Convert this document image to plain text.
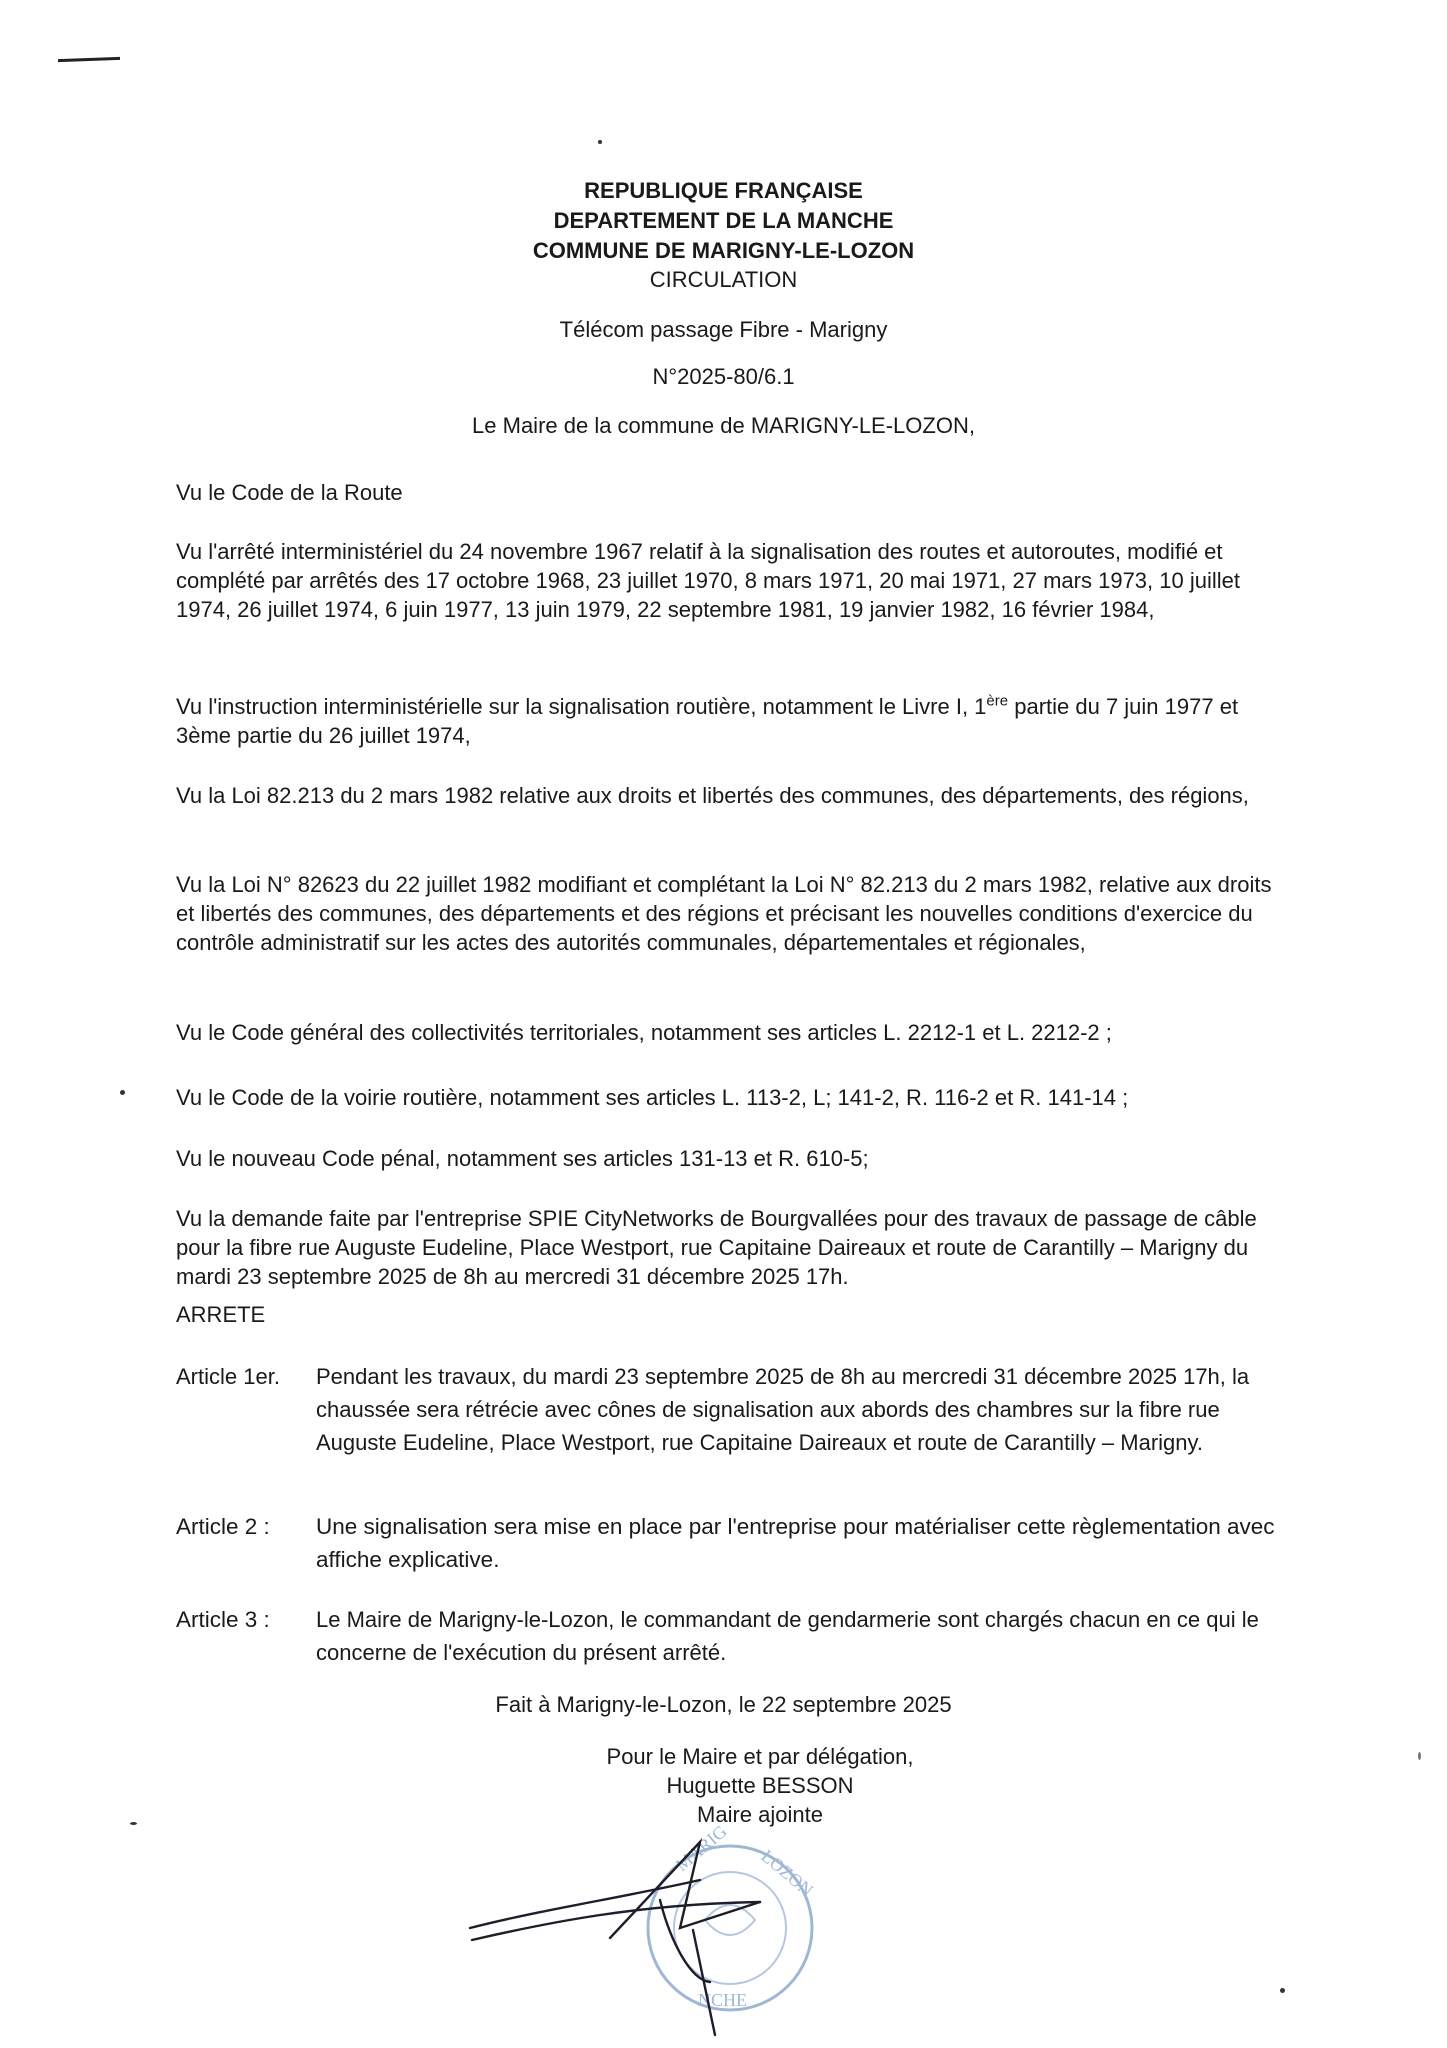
REPUBLIQUE FRANÇAISE
DEPARTEMENT DE LA MANCHE
COMMUNE DE MARIGNY-LE-LOZON
CIRCULATION
Télécom passage Fibre - Marigny
N°2025-80/6.1
Le Maire de la commune de MARIGNY-LE-LOZON,
Vu le Code de la Route
Vu l'arrêté interministériel du 24 novembre 1967 relatif à la signalisation des routes et autoroutes, modifié et complété par arrêtés des 17 octobre 1968, 23 juillet 1970, 8 mars 1971, 20 mai 1971, 27 mars 1973, 10 juillet 1974, 26 juillet 1974, 6 juin 1977, 13 juin 1979, 22 septembre 1981, 19 janvier 1982, 16 février 1984,
Vu l'instruction interministérielle sur la signalisation routière, notamment le Livre I, 1ère partie du 7 juin 1977 et 3ème partie du 26 juillet 1974,
Vu la Loi 82.213 du 2 mars 1982 relative aux droits et libertés des communes, des départements, des régions,
Vu la Loi N° 82623 du 22 juillet 1982 modifiant et complétant la Loi N° 82.213 du 2 mars 1982, relative aux droits et libertés des communes, des départements et des régions et précisant les nouvelles conditions d'exercice du contrôle administratif sur les actes des autorités communales, départementales et régionales,
Vu le Code général des collectivités territoriales, notamment ses articles L. 2212-1 et L. 2212-2 ;
Vu le Code de la voirie routière, notamment ses articles L. 113-2, L; 141-2, R. 116-2 et R. 141-14 ;
Vu le nouveau Code pénal, notamment ses articles 131-13 et R. 610-5;
Vu la demande faite par l'entreprise SPIE CityNetworks de Bourgvallées pour des travaux de passage de câble pour la fibre rue Auguste Eudeline, Place Westport, rue Capitaine Daireaux et route de Carantilly – Marigny du mardi 23 septembre 2025 de 8h au mercredi 31 décembre 2025 17h.
ARRETE
Article 1er. Pendant les travaux, du mardi 23 septembre 2025 de 8h au mercredi 31 décembre 2025 17h, la chaussée sera rétrécie avec cônes de signalisation aux abords des chambres sur la fibre rue Auguste Eudeline, Place Westport, rue Capitaine Daireaux et route de Carantilly – Marigny.
Article 2 : Une signalisation sera mise en place par l'entreprise pour matérialiser cette règlementation avec affiche explicative.
Article 3 : Le Maire de Marigny-le-Lozon, le commandant de gendarmerie sont chargés chacun en ce qui le concerne de l'exécution du présent arrêté.
Fait à Marigny-le-Lozon, le 22 septembre 2025
Pour le Maire et par délégation,
Huguette BESSON
Maire ajointe
MARIG LOZON
NCHE
